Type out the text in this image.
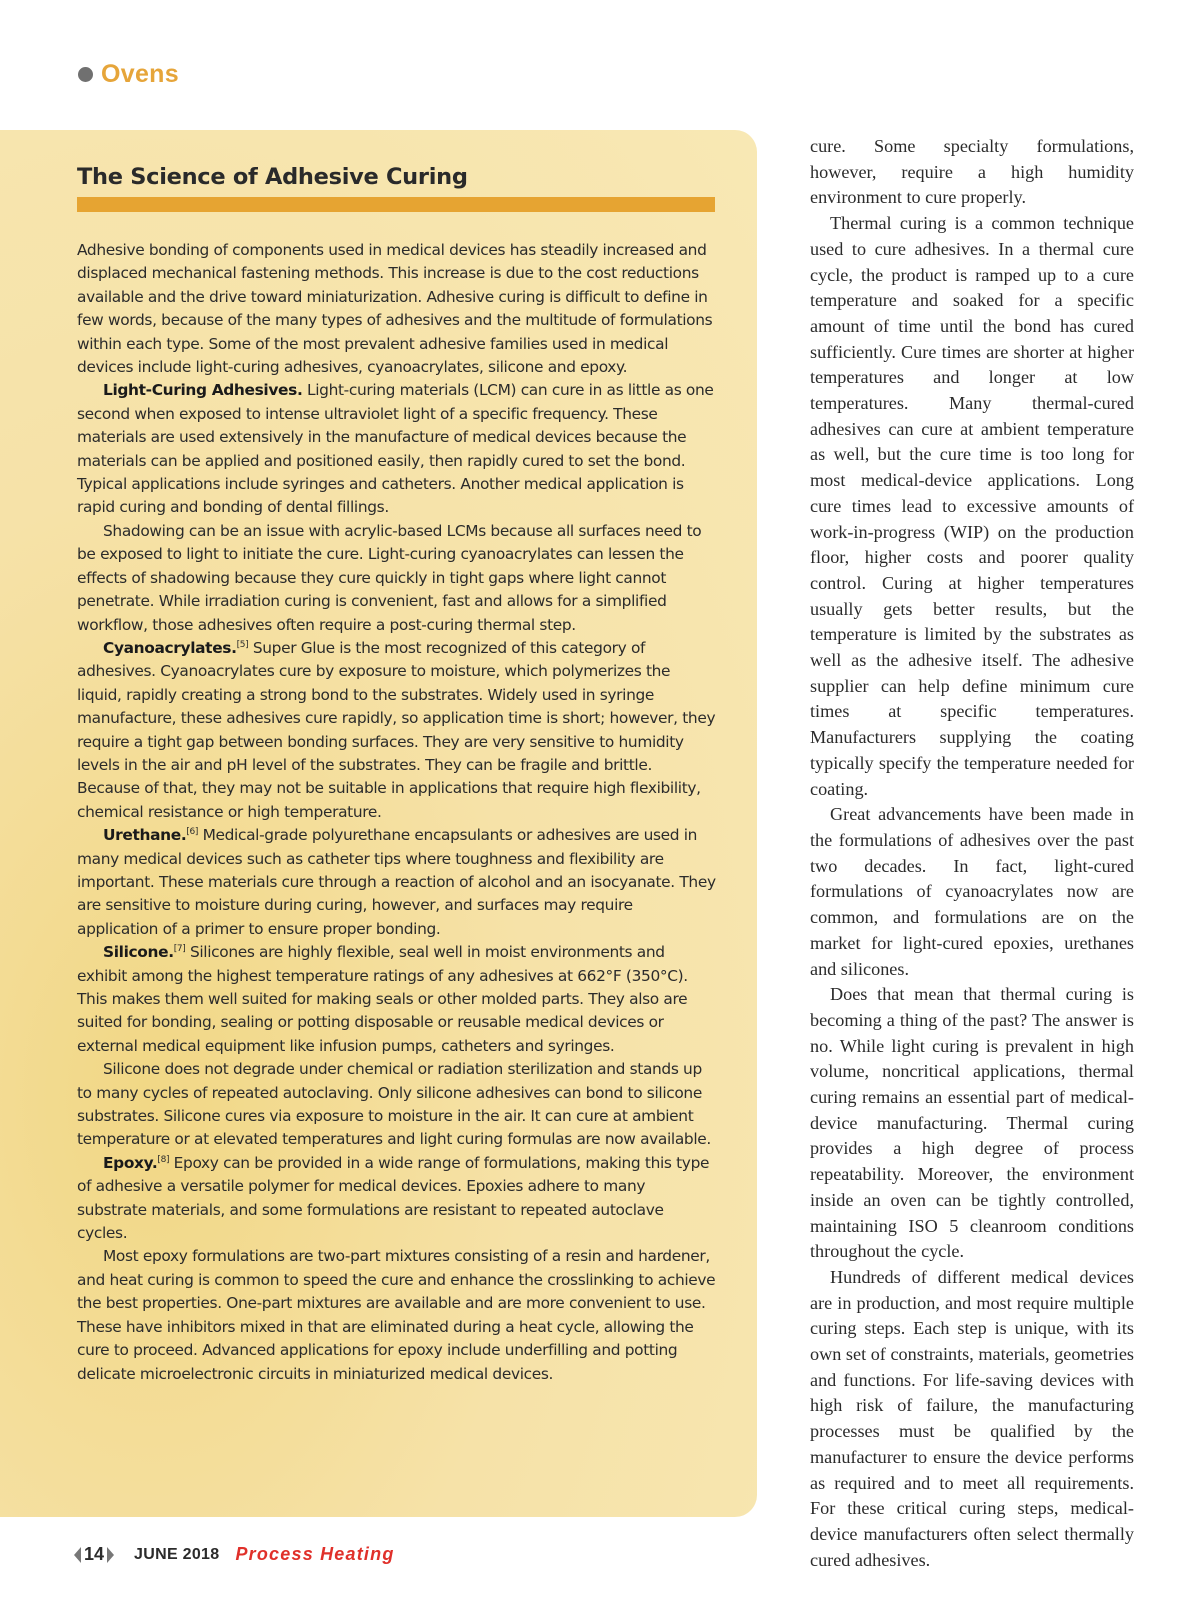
Ovens
The Science of Adhesive Curing

Adhesive bonding of components used in medical devices has steadily increased and displaced mechanical fastening methods. This increase is due to the cost reductions available and the drive toward miniaturization. Adhesive curing is difficult to define in few words, because of the many types of adhesives and the multitude of formulations within each type. Some of the most prevalent adhesive families used in medical devices include light-curing adhesives, cyanoacrylates, silicone and epoxy.

Light-Curing Adhesives. Light-curing materials (LCM) can cure in as little as one second when exposed to intense ultraviolet light of a specific frequency. These materials are used extensively in the manufacture of medical devices because the materials can be applied and positioned easily, then rapidly cured to set the bond. Typical applications include syringes and catheters. Another medical application is rapid curing and bonding of dental fillings.

Shadowing can be an issue with acrylic-based LCMs because all surfaces need to be exposed to light to initiate the cure. Light-curing cyanoacrylates can lessen the effects of shadowing because they cure quickly in tight gaps where light cannot penetrate. While irradiation curing is convenient, fast and allows for a simplified workflow, those adhesives often require a post-curing thermal step.

Cyanoacrylates.[5] Super Glue is the most recognized of this category of adhesives. Cyanoacrylates cure by exposure to moisture, which polymerizes the liquid, rapidly creating a strong bond to the substrates. Widely used in syringe manufacture, these adhesives cure rapidly, so application time is short; however, they require a tight gap between bonding surfaces. They are very sensitive to humidity levels in the air and pH level of the substrates. They can be fragile and brittle. Because of that, they may not be suitable in applications that require high flexibility, chemical resistance or high temperature.

Urethane.[6] Medical-grade polyurethane encapsulants or adhesives are used in many medical devices such as catheter tips where toughness and flexibility are important. These materials cure through a reaction of alcohol and an isocyanate. They are sensitive to moisture during curing, however, and surfaces may require application of a primer to ensure proper bonding.

Silicone.[7] Silicones are highly flexible, seal well in moist environments and exhibit among the highest temperature ratings of any adhesives at 662°F (350°C). This makes them well suited for making seals or other molded parts. They also are suited for bonding, sealing or potting disposable or reusable medical devices or external medical equipment like infusion pumps, catheters and syringes.

Silicone does not degrade under chemical or radiation sterilization and stands up to many cycles of repeated autoclaving. Only silicone adhesives can bond to silicone substrates. Silicone cures via exposure to moisture in the air. It can cure at ambient temperature or at elevated temperatures and light curing formulas are now available.

Epoxy.[8] Epoxy can be provided in a wide range of formulations, making this type of adhesive a versatile polymer for medical devices. Epoxies adhere to many substrate materials, and some formulations are resistant to repeated autoclave cycles.

Most epoxy formulations are two-part mixtures consisting of a resin and hardener, and heat curing is common to speed the cure and enhance the crosslinking to achieve the best properties. One-part mixtures are available and are more convenient to use. These have inhibitors mixed in that are eliminated during a heat cycle, allowing the cure to proceed. Advanced applications for epoxy include underfilling and potting delicate microelectronic circuits in miniaturized medical devices.

cure. Some specialty formulations, however, require a high humidity environment to cure properly.

Thermal curing is a common technique used to cure adhesives. In a thermal cure cycle, the product is ramped up to a cure temperature and soaked for a specific amount of time until the bond has cured sufficiently. Cure times are shorter at higher temperatures and longer at low temperatures. Many thermal-cured adhesives can cure at ambient temperature as well, but the cure time is too long for most medical-device applications. Long cure times lead to excessive amounts of work-in-progress (WIP) on the production floor, higher costs and poorer quality control. Curing at higher temperatures usually gets better results, but the temperature is limited by the substrates as well as the adhesive itself. The adhesive supplier can help define minimum cure times at specific temperatures. Manufacturers supplying the coating typically specify the temperature needed for coating.

Great advancements have been made in the formulations of adhesives over the past two decades. In fact, light-cured formulations of cyanoacrylates now are common, and formulations are on the market for light-cured epoxies, urethanes and silicones.

Does that mean that thermal curing is becoming a thing of the past? The answer is no. While light curing is prevalent in high volume, noncritical applications, thermal curing remains an essential part of medical-device manufacturing. Thermal curing provides a high degree of process repeatability. Moreover, the environment inside an oven can be tightly controlled, maintaining ISO 5 cleanroom conditions throughout the cycle.

Hundreds of different medical devices are in production, and most require multiple curing steps. Each step is unique, with its own set of constraints, materials, geometries and functions. For life-saving devices with high risk of failure, the manufacturing processes must be qualified by the manufacturer to ensure the device performs as required and to meet all requirements. For these critical curing steps, medical-device manufacturers often select thermally cured adhesives.

14 JUNE 2018 Process Heating
